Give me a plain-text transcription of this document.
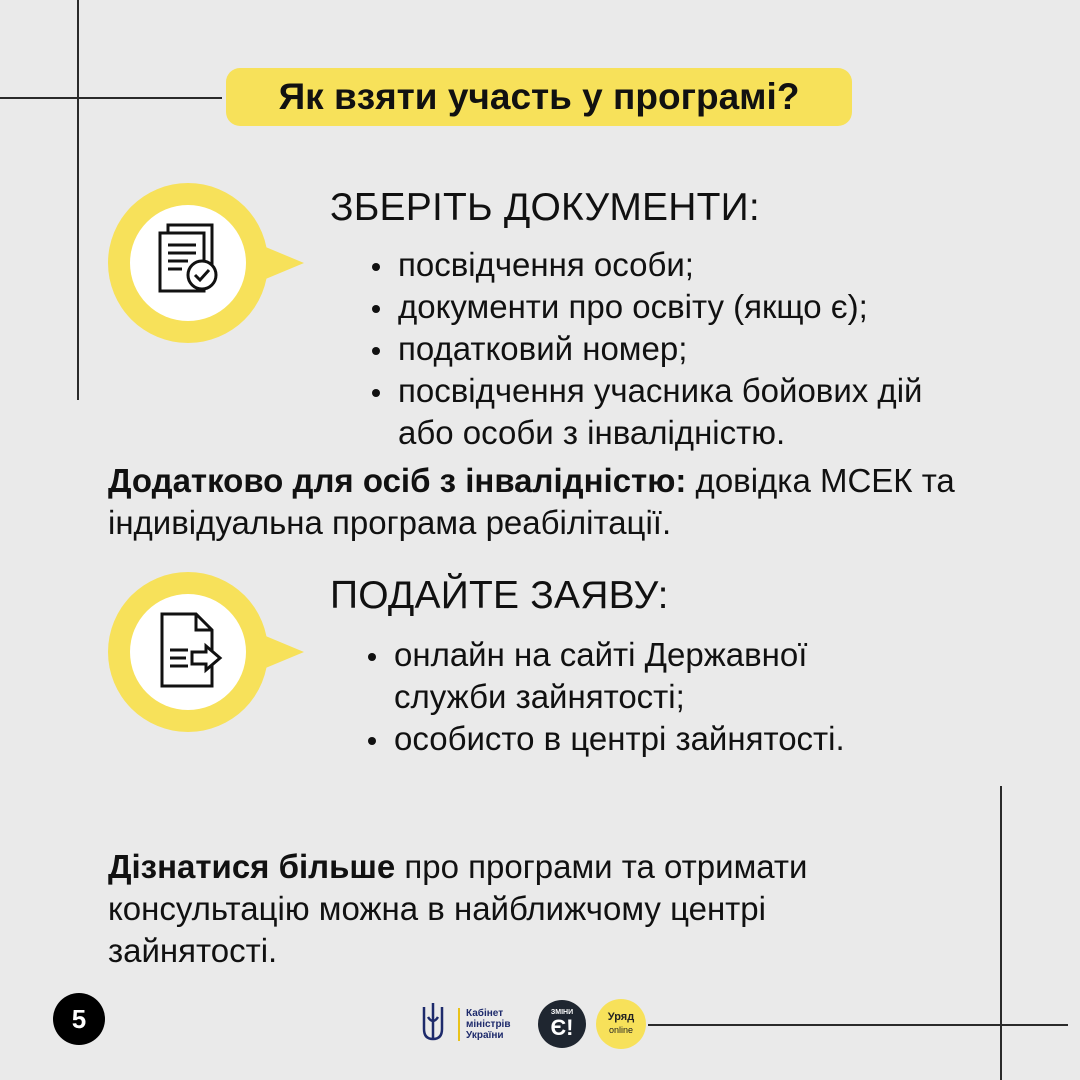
Як взяти участь у програмі?
ЗБЕРІТЬ ДОКУМЕНТИ:
посвідчення особи;
документи про освіту (якщо є);
податковий номер;
посвідчення учасника бойових дій або особи з інвалідністю.
Додатково для осіб з інвалідністю: довідка МСЕК та індивідуальна програма реабілітації.
ПОДАЙТЕ ЗАЯВУ:
онлайн на сайті Державної служби зайнятості;
особисто в центрі зайнятості.
Дізнатися більше про програми та отримати консультацію можна в найближчому центрі зайнятості.
5	Кабінет міністрів України
ЗМІНИ
Є!	Уряд
online
